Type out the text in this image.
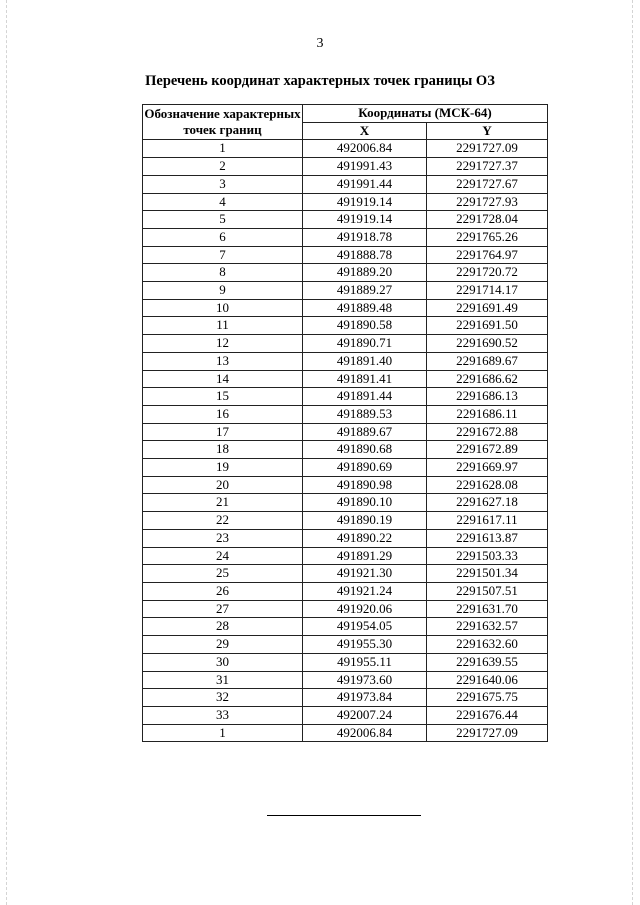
3
Перечень координат характерных точек границы ОЗ
Обозначение характерных точек границ	Координаты (МСК-64)	
	X	Y
1	492006.84	2291727.09
2	491991.43	2291727.37
3	491991.44	2291727.67
4	491919.14	2291727.93
5	491919.14	2291728.04
6	491918.78	2291765.26
7	491888.78	2291764.97
8	491889.20	2291720.72
9	491889.27	2291714.17
10	491889.48	2291691.49
11	491890.58	2291691.50
12	491890.71	2291690.52
13	491891.40	2291689.67
14	491891.41	2291686.62
15	491891.44	2291686.13
16	491889.53	2291686.11
17	491889.67	2291672.88
18	491890.68	2291672.89
19	491890.69	2291669.97
20	491890.98	2291628.08
21	491890.10	2291627.18
22	491890.19	2291617.11
23	491890.22	2291613.87
24	491891.29	2291503.33
25	491921.30	2291501.34
26	491921.24	2291507.51
27	491920.06	2291631.70
28	491954.05	2291632.57
29	491955.30	2291632.60
30	491955.11	2291639.55
31	491973.60	2291640.06
32	491973.84	2291675.75
33	492007.24	2291676.44
1	492006.84	2291727.09
